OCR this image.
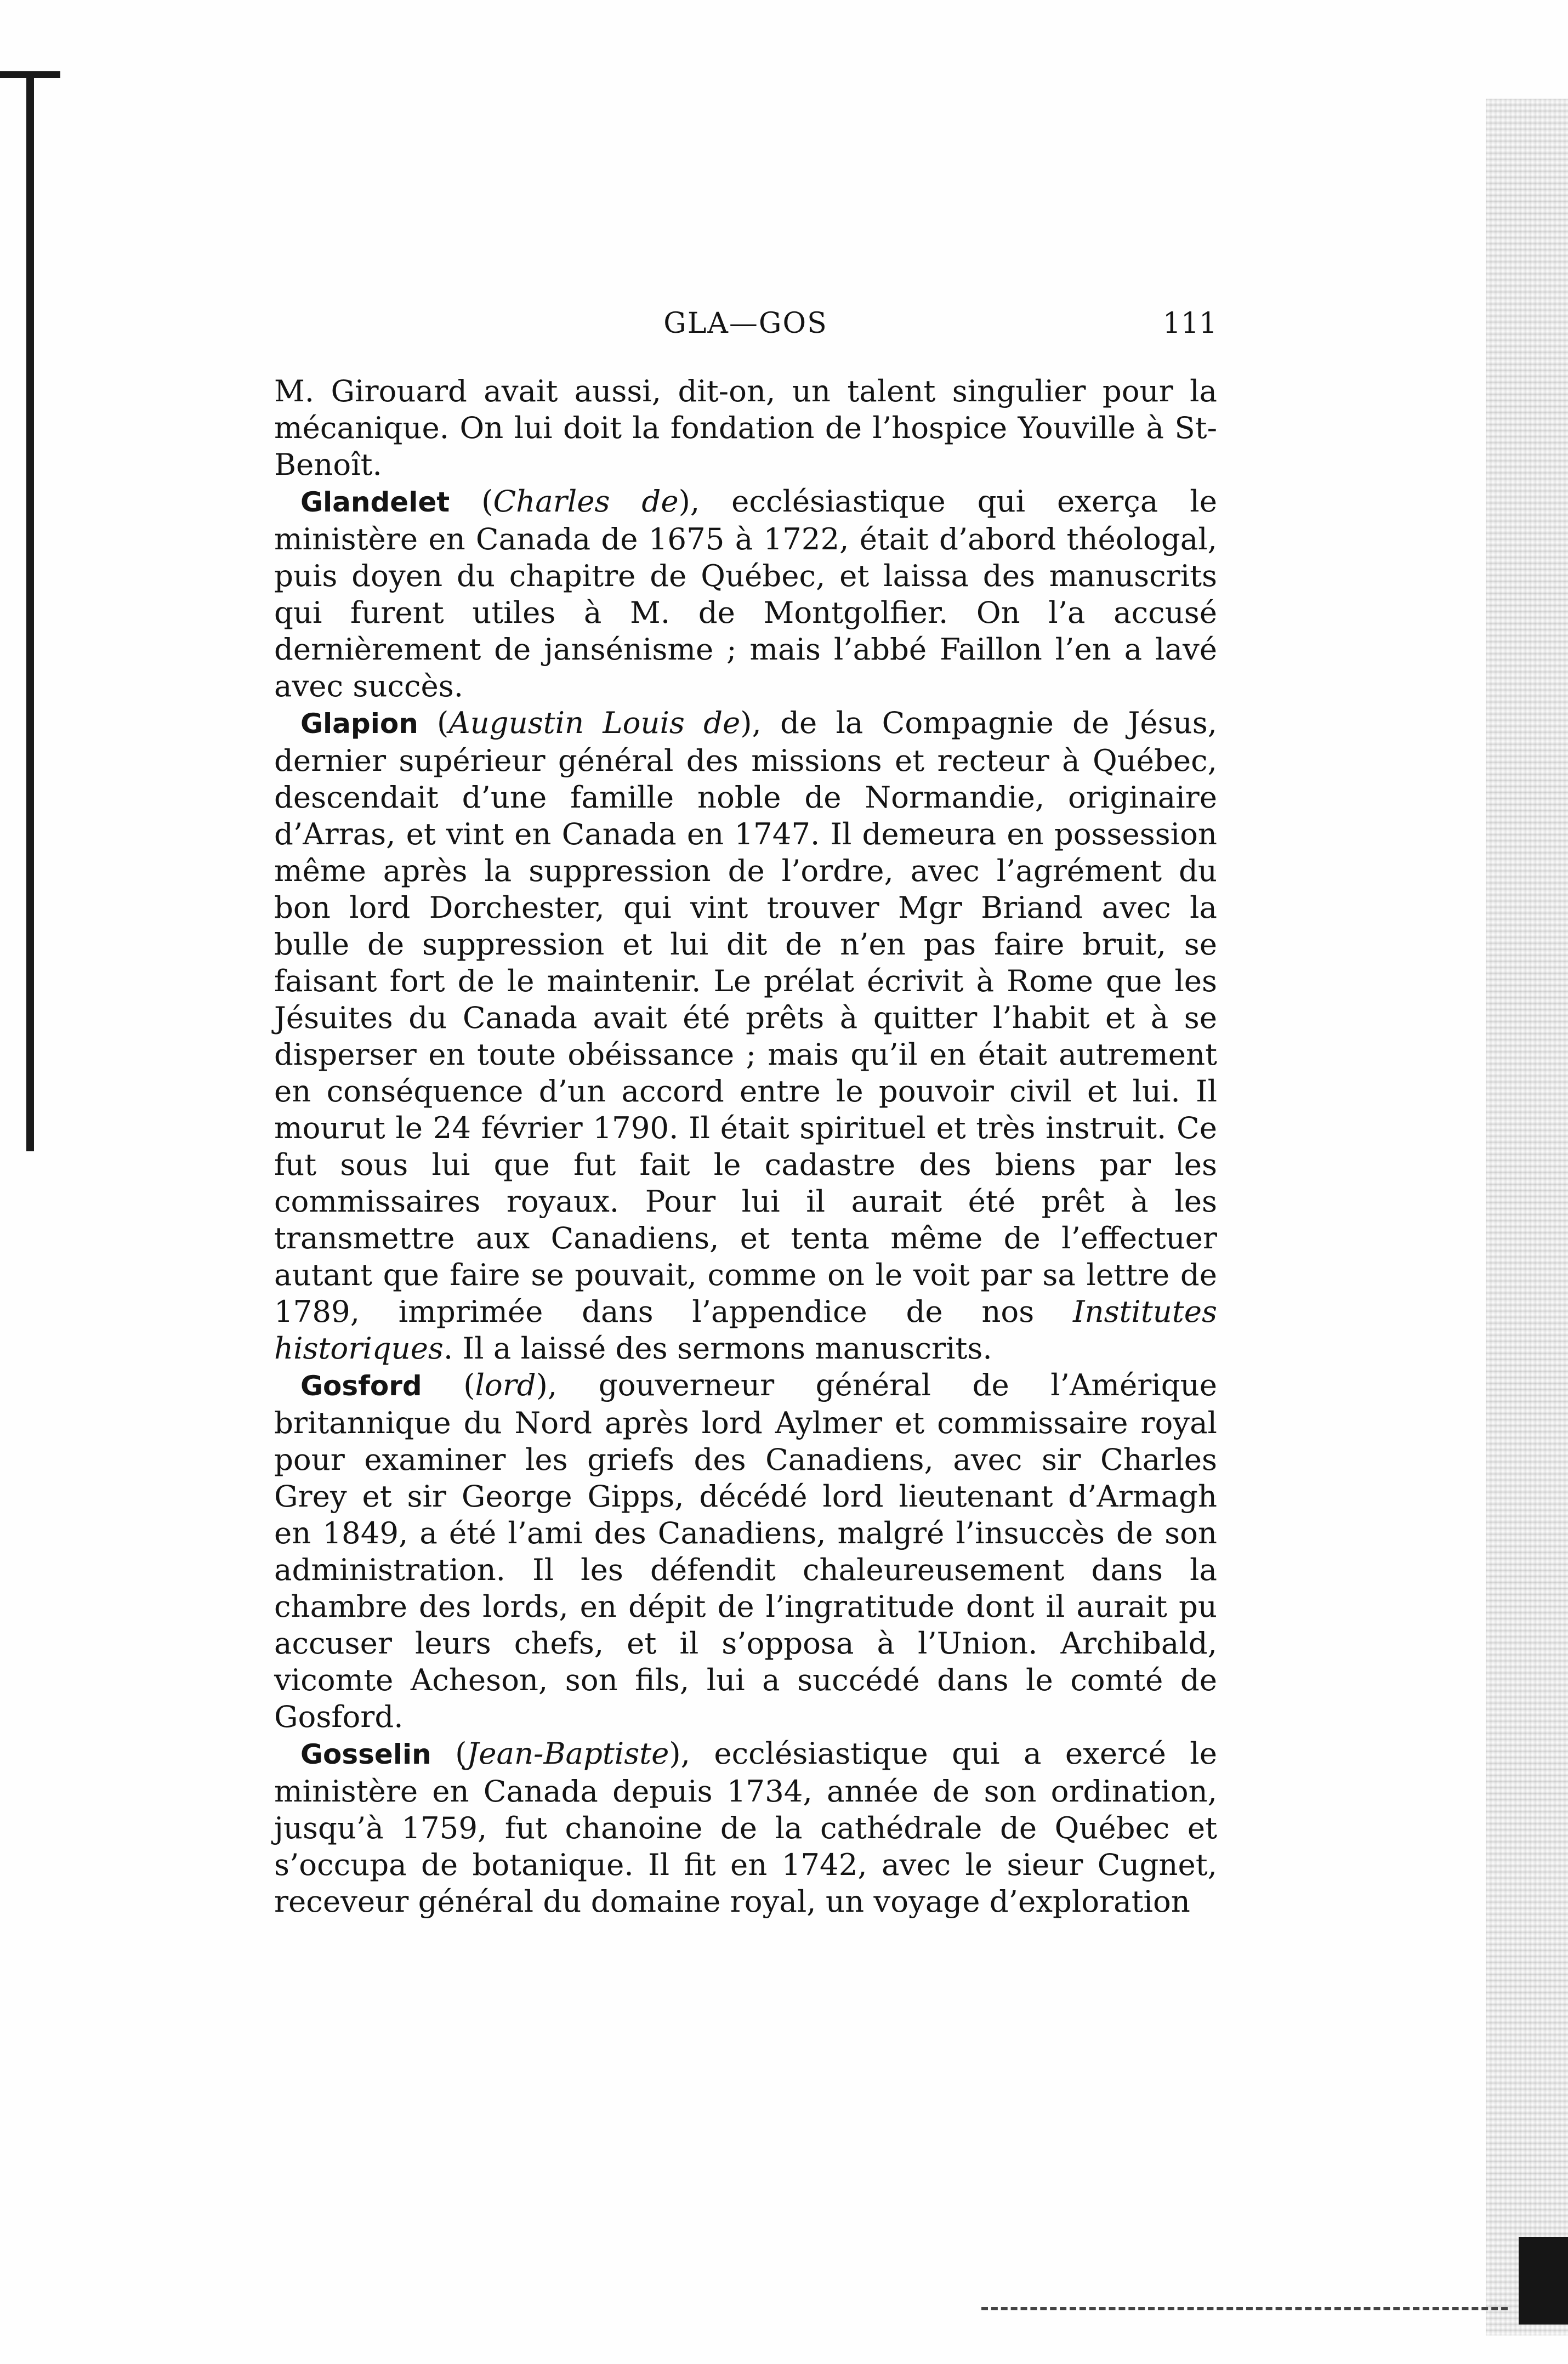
GLA—GOS	111

M. Girouard avait aussi, dit-on, un talent singulier pour la mécanique. On lui doit la fondation de l’hospice Youville à St-Benoît.

Glandelet (Charles de), ecclésiastique qui exerça le ministère en Canada de 1675 à 1722, était d’abord théologal, puis doyen du chapitre de Québec, et laissa des manuscrits qui furent utiles à M. de Montgolfier. On l’a accusé dernièrement de jansénisme ; mais l’abbé Faillon l’en a lavé avec succès.

Glapion (Augustin Louis de), de la Compagnie de Jésus, dernier supérieur général des missions et recteur à Québec, descendait d’une famille noble de Normandie, originaire d’Arras, et vint en Canada en 1747. Il demeura en possession même après la suppression de l’ordre, avec l’agrément du bon lord Dorchester, qui vint trouver Mgr Briand avec la bulle de suppression et lui dit de n’en pas faire bruit, se faisant fort de le maintenir. Le prélat écrivit à Rome que les Jésuites du Canada avait été prêts à quitter l’habit et à se disperser en toute obéissance ; mais qu’il en était autrement en conséquence d’un accord entre le pouvoir civil et lui. Il mourut le 24 février 1790. Il était spirituel et très instruit. Ce fut sous lui que fut fait le cadastre des biens par les commissaires royaux. Pour lui il aurait été prêt à les transmettre aux Canadiens, et tenta même de l’effectuer autant que faire se pouvait, comme on le voit par sa lettre de 1789, imprimée dans l’appendice de nos Institutes historiques. Il a laissé des sermons manuscrits.

Gosford (lord), gouverneur général de l’Amérique britannique du Nord après lord Aylmer et commissaire royal pour examiner les griefs des Canadiens, avec sir Charles Grey et sir George Gipps, décédé lord lieutenant d’Armagh en 1849, a été l’ami des Canadiens, malgré l’insuccès de son administration. Il les défendit chaleureusement dans la chambre des lords, en dépit de l’ingratitude dont il aurait pu accuser leurs chefs, et il s’opposa à l’Union. Archibald, vicomte Acheson, son fils, lui a succédé dans le comté de Gosford.

Gosselin (Jean-Baptiste), ecclésiastique qui a exercé le ministère en Canada depuis 1734, année de son ordination, jusqu’à 1759, fut chanoine de la cathédrale de Québec et s’occupa de botanique. Il fit en 1742, avec le sieur Cugnet, receveur général du domaine royal, un voyage d’exploration
